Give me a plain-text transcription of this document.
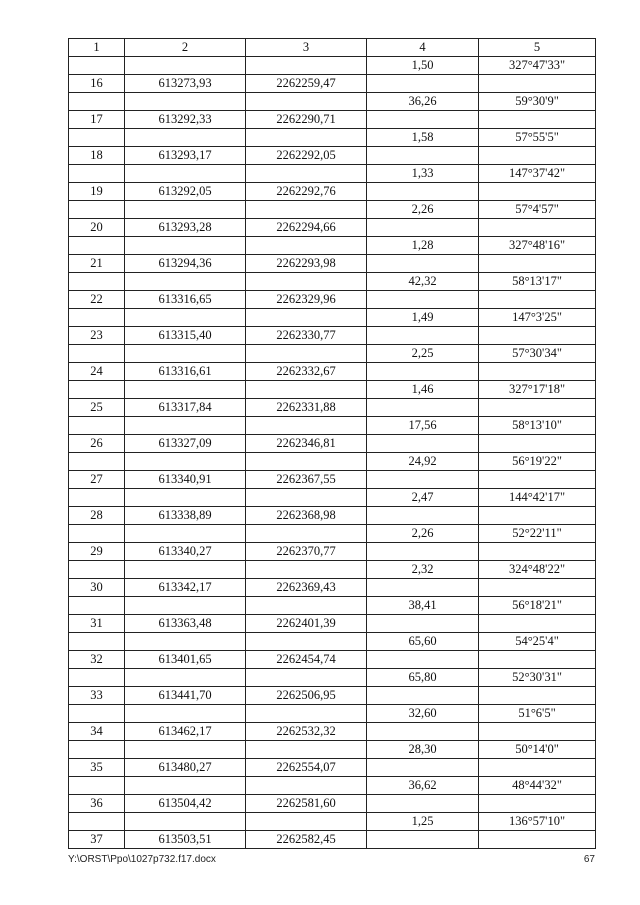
1	2	3	4	5
			1,50	327°47'33"
16	613273,93	2262259,47		
			36,26	59°30'9"
17	613292,33	2262290,71		
			1,58	57°55'5"
18	613293,17	2262292,05		
			1,33	147°37'42"
19	613292,05	2262292,76		
			2,26	57°4'57"
20	613293,28	2262294,66		
			1,28	327°48'16"
21	613294,36	2262293,98		
			42,32	58°13'17"
22	613316,65	2262329,96		
			1,49	147°3'25"
23	613315,40	2262330,77		
			2,25	57°30'34"
24	613316,61	2262332,67		
			1,46	327°17'18"
25	613317,84	2262331,88		
			17,56	58°13'10"
26	613327,09	2262346,81		
			24,92	56°19'22"
27	613340,91	2262367,55		
			2,47	144°42'17"
28	613338,89	2262368,98		
			2,26	52°22'11"
29	613340,27	2262370,77		
			2,32	324°48'22"
30	613342,17	2262369,43		
			38,41	56°18'21"
31	613363,48	2262401,39		
			65,60	54°25'4"
32	613401,65	2262454,74		
			65,80	52°30'31"
33	613441,70	2262506,95		
			32,60	51°6'5"
34	613462,17	2262532,32		
			28,30	50°14'0"
35	613480,27	2262554,07		
			36,62	48°44'32"
36	613504,42	2262581,60		
			1,25	136°57'10"
37	613503,51	2262582,45		
Y:\ORST\Ppo\1027p732.f17.docx	67
